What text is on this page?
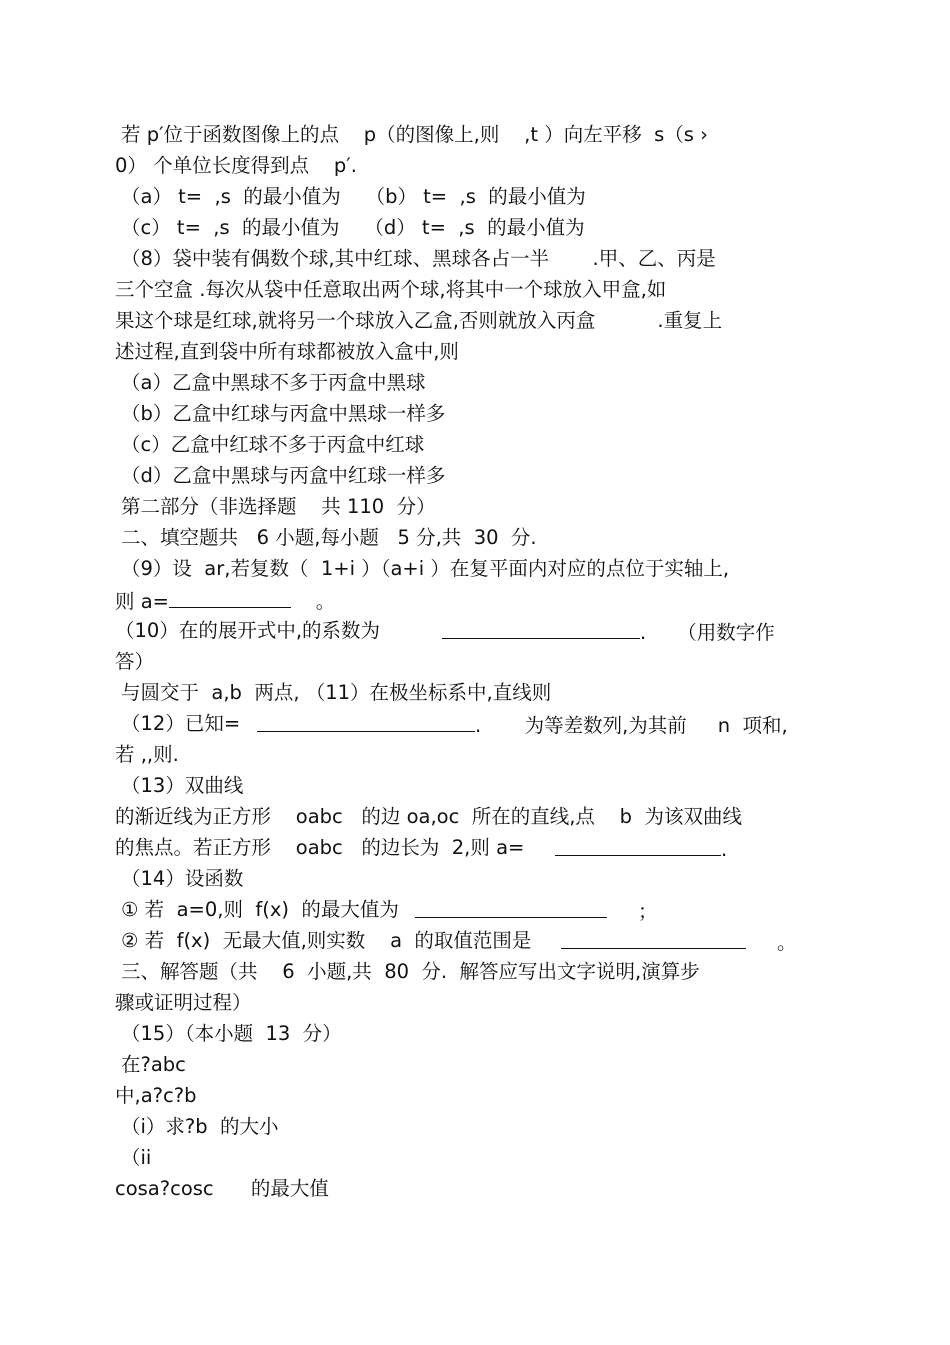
若 p′位于函数图像上的点    p（的图像上,则    ,t ）向左平移  s（s ›
0） 个单位长度得到点    p′.
（a） t=  ,s  的最小值为    （b） t=  ,s  的最小值为
（c） t=  ,s  的最小值为    （d） t=  ,s  的最小值为
（8）袋中装有偶数个球,其中红球、黑球各占一半       .甲、乙、丙是
三个空盒 .每次从袋中任意取出两个球,将其中一个球放入甲盒,如
果这个球是红球,就将另一个球放入乙盒,否则就放入丙盒          .重复上
述过程,直到袋中所有球都被放入盒中,则
（a）乙盒中黑球不多于丙盒中黑球
（b）乙盒中红球与丙盒中黑球一样多
（c）乙盒中红球不多于丙盒中红球
（d）乙盒中黑球与丙盒中红球一样多
第二部分（非选择题    共 110  分）
二、填空题共   6 小题,每小题   5 分,共  30  分.
（9）设  ar,若复数（  1+i ）（a+i ）在复平面内对应的点位于实轴上,
（10）在的展开式中,的系数为
答）
与圆交于  a,b  两点, （11）在极坐标系中,直线则
（12）已知=
若 ,,则.
（13）双曲线
的渐近线为正方形    oabc   的边 oa,oc  所在的直线,点    b  为该双曲线
的焦点。若正方形    oabc   的边长为  2,则 a=
（14）设函数
① 若  a=0,则  f(x)  的最大值为
② 若  f(x)  无最大值,则实数    a  的取值范围是
三、解答题（共    6  小题,共  80  分.  解答应写出文字说明,演算步
骤或证明过程）
（15）（本小题  13  分）
在?abc
中,a?c?b
（i）求?b  的大小
（ii
cosa?cosc      的最大值
则 a=	。
.     （用数字作
.       为等差数列,为其前     n  项和,
.
；
。
